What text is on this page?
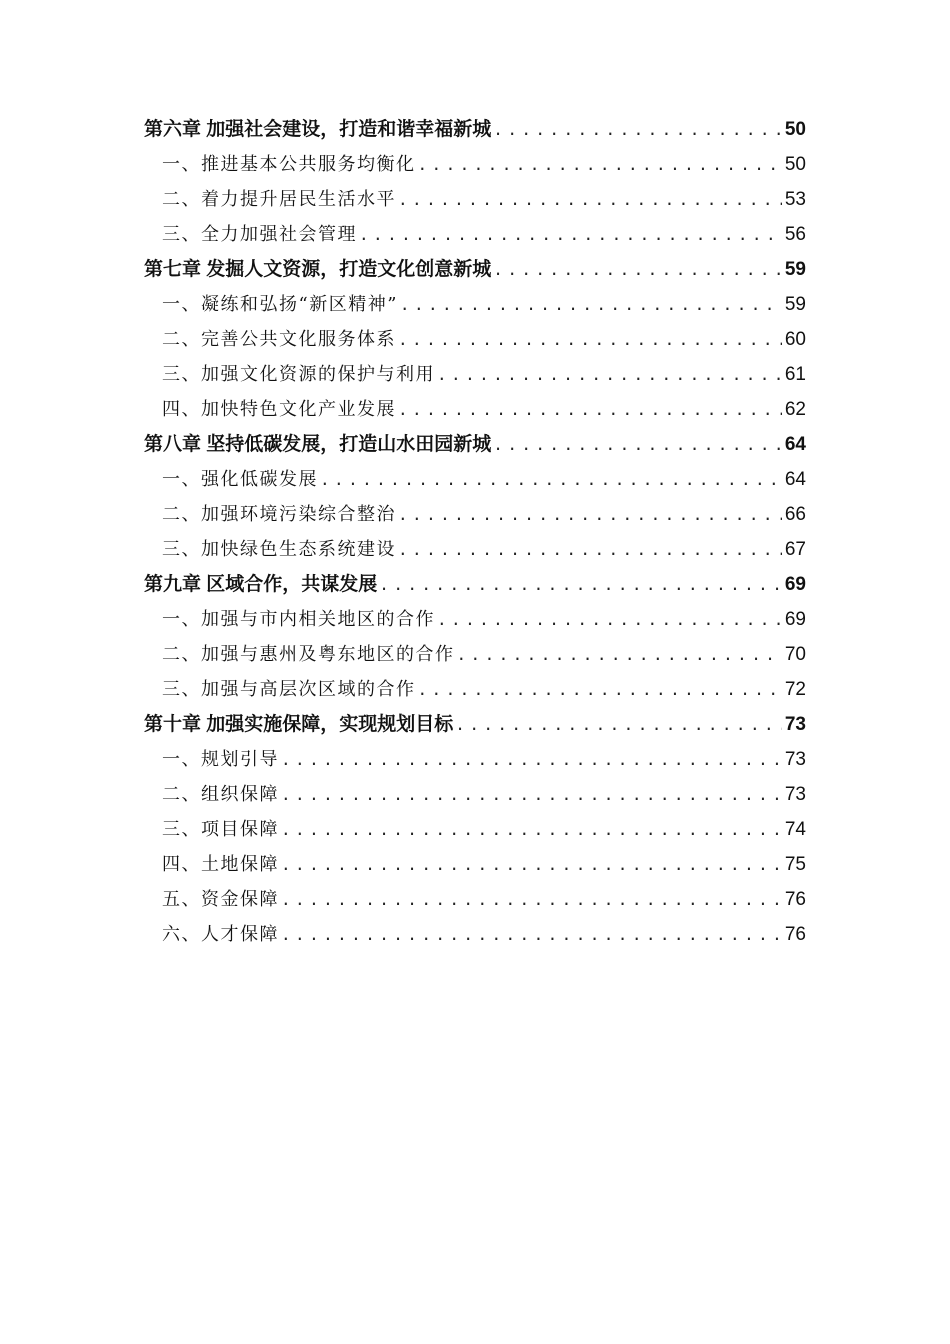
第六章 加强社会建设，打造和谐幸福新城 .....	50
一、推进基本公共服务均衡化 .....	50
二、着力提升居民生活水平 .....	53
三、全力加强社会管理 .....	56
第七章 发掘人文资源，打造文化创意新城 .....	59
一、凝练和弘扬“新区精神” .....	59
二、完善公共文化服务体系 .....	60
三、加强文化资源的保护与利用 .....	61
四、加快特色文化产业发展 .....	62
第八章 坚持低碳发展，打造山水田园新城 .....	64
一、强化低碳发展 .....	64
二、加强环境污染综合整治 .....	66
三、加快绿色生态系统建设 .....	67
第九章 区域合作，共谋发展 .....	69
一、加强与市内相关地区的合作 .....	69
二、加强与惠州及粤东地区的合作 .....	70
三、加强与高层次区域的合作 .....	72
第十章 加强实施保障，实现规划目标 .....	73
一、规划引导 .....	73
二、组织保障 .....	73
三、项目保障 .....	74
四、土地保障 .....	75
五、资金保障 .....	76
六、人才保障 .....	76
